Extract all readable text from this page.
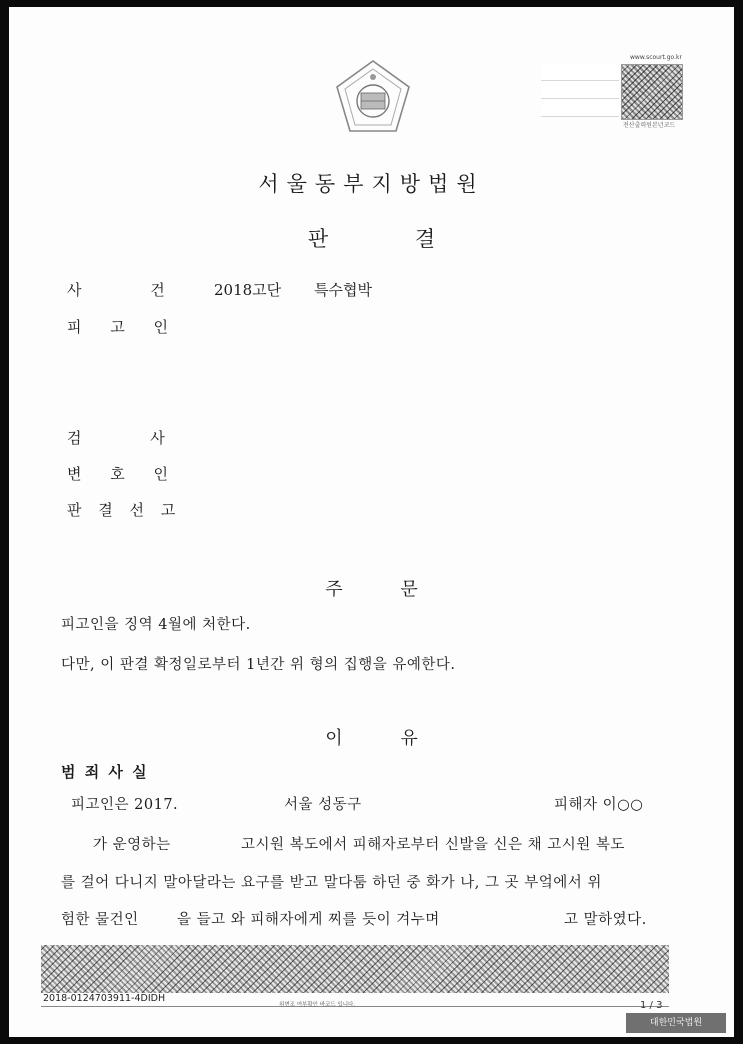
www.scourt.go.kr
전산출력원본년코드
서울동부지방법원
판 결
사 건 2018고단 특수협박
피 고 인
검 사
변 호 인
판 결 선 고
주 문
피고인을 징역 4월에 처한다.
다만, 이 판결 확정일로부터 1년간 위 형의 집행을 유예한다.
이 유
범 죄 사 실
피고인은 2017.	서울 성동구	피해자 이○○
가 운영하는	고시원 복도에서 피해자로부터 신발을 신은 채 고시원 복도
를 걸어 다니지 말아달라는 요구를 받고 말다툼 하던 중 화가 나, 그 곳 부엌에서 위
험한 물건인	을 들고 와 피해자에게 찌를 듯이 겨누며	고 말하였다.
2018-0124703911-4DIDH
위변조 여부확인 바코드 입니다.	1 / 3
대한민국법원
